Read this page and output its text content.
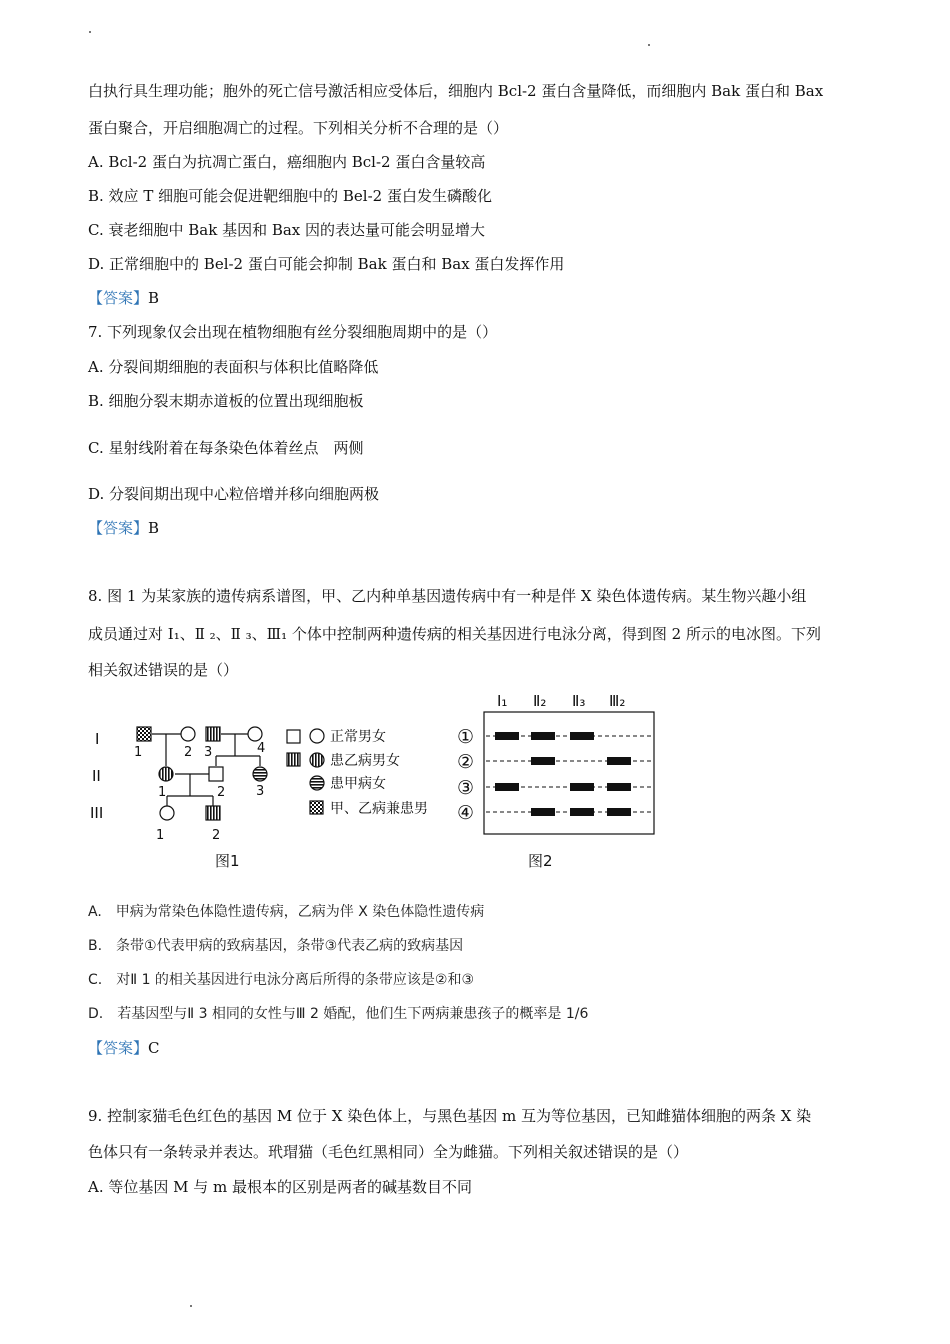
白执行具生理功能；胞外的死亡信号激活相应受体后，细胞内 Bcl-2 蛋白含量降低，而细胞内 Bak 蛋白和 Bax
蛋白聚合，开启细胞凋亡的过程。下列相关分析不合理的是（）
A. Bcl-2 蛋白为抗凋亡蛋白，癌细胞内 Bcl-2 蛋白含量较高
B. 效应 T 细胞可能会促进靶细胞中的 Bel-2 蛋白发生磷酸化
C. 衰老细胞中 Bak 基因和 Bax 因的表达量可能会明显增大
D. 正常细胞中的 Bel-2 蛋白可能会抑制 Bak 蛋白和 Bax 蛋白发挥作用
【答案】B
7. 下列现象仅会出现在植物细胞有丝分裂细胞周期中的是（）
A. 分裂间期细胞的表面积与体积比值略降低
B. 细胞分裂末期赤道板的位置出现细胞板
C. 星射线附着在每条染色体着丝点　两侧
D. 分裂间期出现中心粒倍增并移向细胞两极
【答案】B
8. 图 1 为某家族的遗传病系谱图，甲、乙内种单基因遗传病中有一种是伴 X 染色体遗传病。某生物兴趣小组
成员通过对 I₁、Ⅱ ₂、Ⅱ ₃、Ⅲ₁ 个体中控制两种遗传病的相关基因进行电泳分离，得到图 2 所示的电冰图。下列
相关叙述错误的是（）
I
II
III
1	2 3	4
1	2 3
1	2
正常男女
患乙病男女
患甲病女
甲、乙病兼患男
图1
Ⅰ₁ Ⅱ₂ Ⅱ₃ Ⅲ₂
①
②
③
④
图2
A.　甲病为常染色体隐性遗传病，乙病为伴 X 染色体隐性遗传病
B.　条带①代表甲病的致病基因，条带③代表乙病的致病基因
C.　对Ⅱ 1 的相关基因进行电泳分离后所得的条带应该是②和③
D.　若基因型与Ⅱ 3 相同的女性与Ⅲ 2 婚配，他们生下两病兼患孩子的概率是 1/6
【答案】C
9. 控制家猫毛色红色的基因 M 位于 X 染色体上，与黑色基因 m 互为等位基因，已知雌猫体细胞的两条 X 染
色体只有一条转录并表达。玳瑁猫（毛色红黑相同）全为雌猫。下列相关叙述错误的是（）
A. 等位基因 M 与 m 最根本的区别是两者的碱基数目不同
